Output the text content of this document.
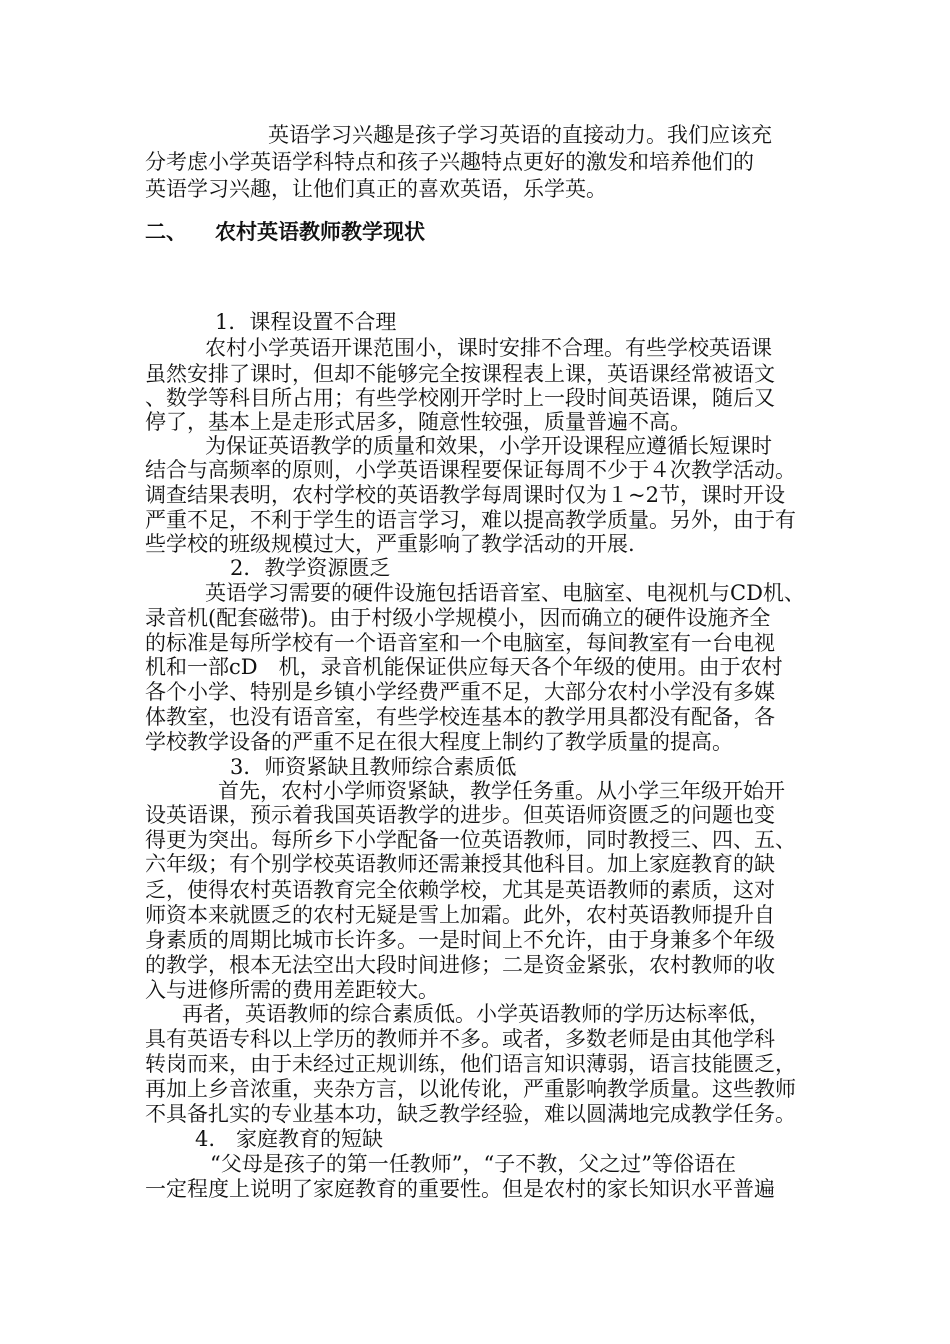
英语学习兴趣是孩子学习英语的直接动力。我们应该充

分考虑小学英语学科特点和孩子兴趣特点更好的激发和培养他们的

英语学习兴趣，让他们真正的喜欢英语，乐学英。

二、	农村英语教师教学现状

1．课程设置不合理

农村小学英语开课范围小，课时安排不合理。有些学校英语课

虽然安排了课时，但却不能够完全按课程表上课，英语课经常被语文

、数学等科目所占用；有些学校刚开学时上一段时间英语课，随后又

停了，基本上是走形式居多，随意性较强，质量普遍不高。

为保证英语教学的质量和效果，小学开设课程应遵循长短课时

结合与高频率的原则，小学英语课程要保证每周不少于４次教学活动。

调查结果表明，农村学校的英语教学每周课时仅为１~2节，课时开设

严重不足，不利于学生的语言学习，难以提高教学质量。另外，由于有

些学校的班级规模过大，严重影响了教学活动的开展.

2．教学资源匮乏

英语学习需要的硬件设施包括语音室、电脑室、电视机与CD机、

录音机(配套磁带)。由于村级小学规模小，因而确立的硬件设施齐全

的标准是每所学校有一个语音室和一个电脑室，每间教室有一台电视

机和一部cD　机，录音机能保证供应每天各个年级的使用。由于农村

各个小学、特别是乡镇小学经费严重不足，大部分农村小学没有多媒

体教室，也没有语音室，有些学校连基本的教学用具都没有配备，各

学校教学设备的严重不足在很大程度上制约了教学质量的提高。

3．师资紧缺且教师综合素质低

首先，农村小学师资紧缺，教学任务重。从小学三年级开始开

设英语课，预示着我国英语教学的进步。但英语师资匮乏的问题也变

得更为突出。每所乡下小学配备一位英语教师，同时教授三、四、五、

六年级；有个别学校英语教师还需兼授其他科目。加上家庭教育的缺

乏，使得农村英语教育完全依赖学校，尤其是英语教师的素质，这对

师资本来就匮乏的农村无疑是雪上加霜。此外，农村英语教师提升自

身素质的周期比城市长许多。一是时间上不允许，由于身兼多个年级

的教学，根本无法空出大段时间进修；二是资金紧张，农村教师的收

入与进修所需的费用差距较大。

再者，英语教师的综合素质低。小学英语教师的学历达标率低，

具有英语专科以上学历的教师并不多。或者，多数老师是由其他学科

转岗而来，由于未经过正规训练，他们语言知识薄弱，语言技能匮乏，

再加上乡音浓重，夹杂方言，以讹传讹，严重影响教学质量。这些教师

不具备扎实的专业基本功，缺乏教学经验，难以圆满地完成教学任务。

4.　家庭教育的短缺

“父母是孩子的第一任教师”，“子不教，父之过”等俗语在

一定程度上说明了家庭教育的重要性。但是农村的家长知识水平普遍
